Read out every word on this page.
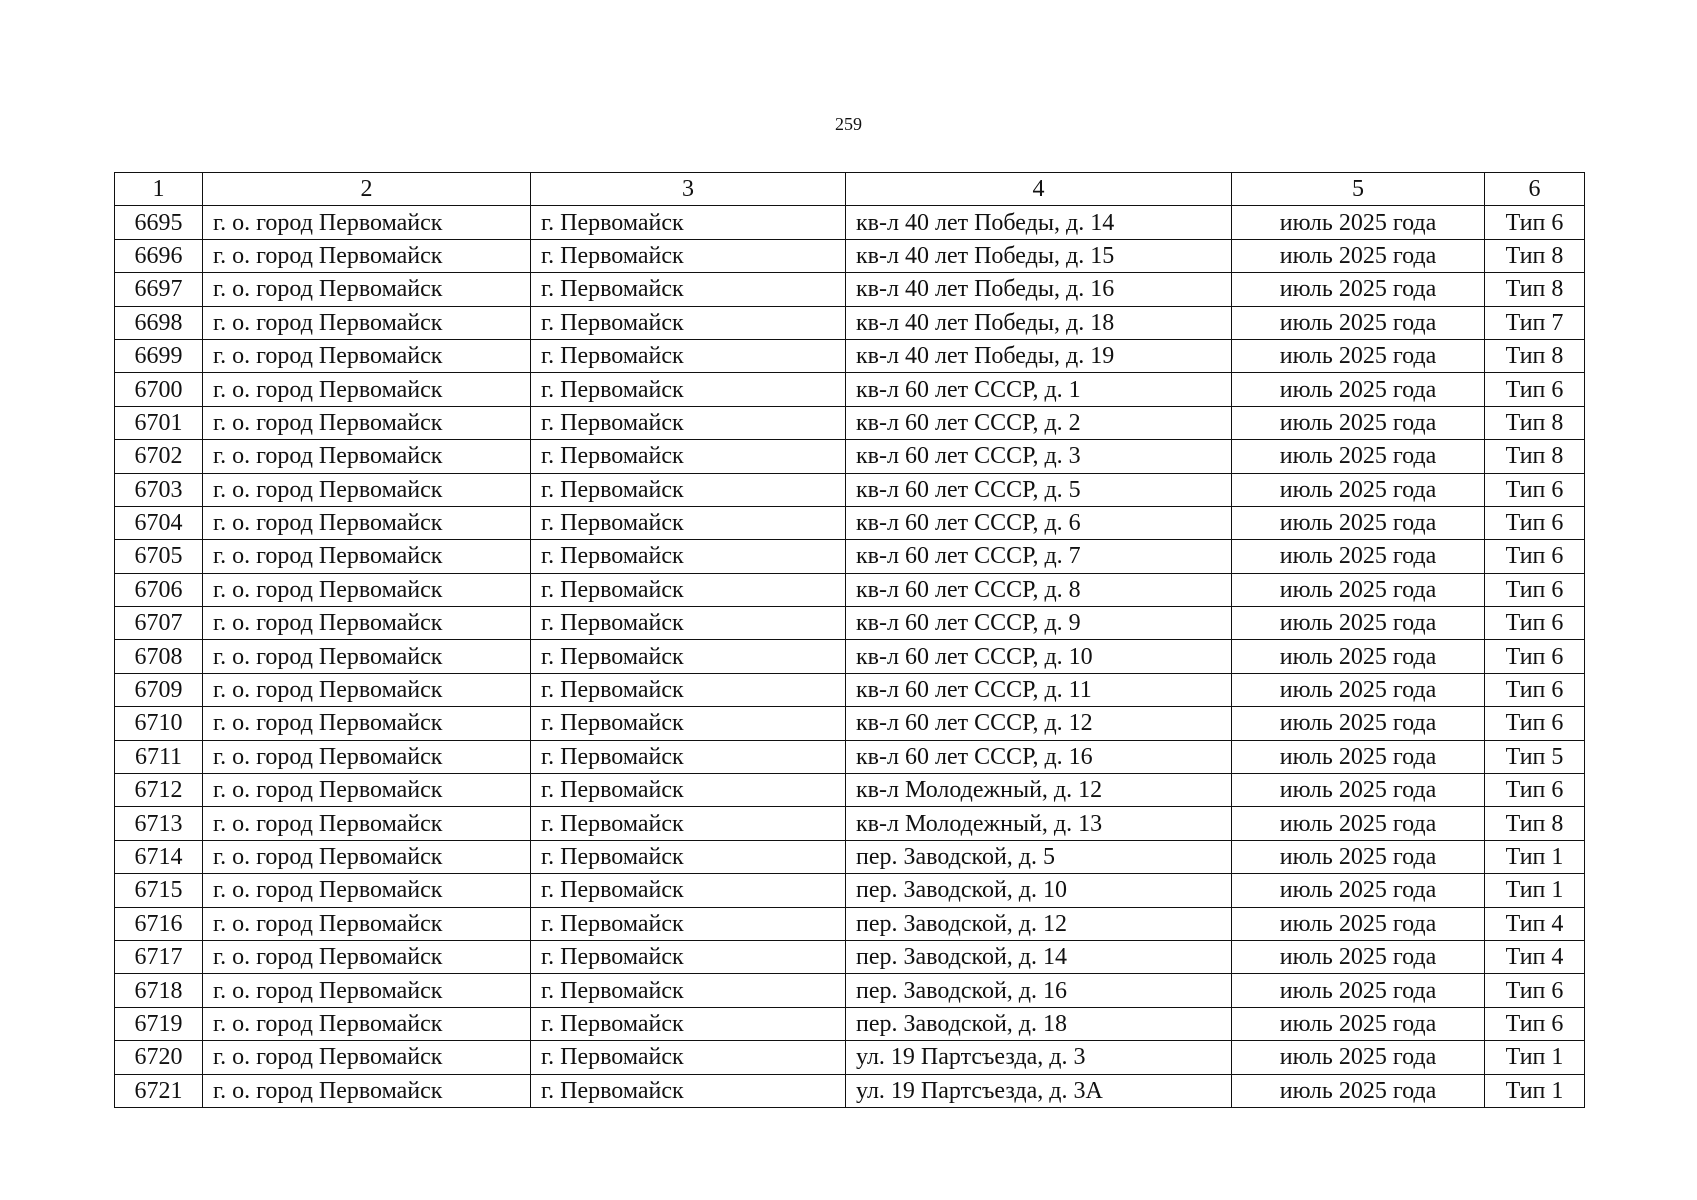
259
1	2	3	4	5	6
6695	г. о. город Первомайск	г. Первомайск	кв-л 40 лет Победы, д. 14	июль 2025 года	Тип 6
6696	г. о. город Первомайск	г. Первомайск	кв-л 40 лет Победы, д. 15	июль 2025 года	Тип 8
6697	г. о. город Первомайск	г. Первомайск	кв-л 40 лет Победы, д. 16	июль 2025 года	Тип 8
6698	г. о. город Первомайск	г. Первомайск	кв-л 40 лет Победы, д. 18	июль 2025 года	Тип 7
6699	г. о. город Первомайск	г. Первомайск	кв-л 40 лет Победы, д. 19	июль 2025 года	Тип 8
6700	г. о. город Первомайск	г. Первомайск	кв-л 60 лет СССР, д. 1	июль 2025 года	Тип 6
6701	г. о. город Первомайск	г. Первомайск	кв-л 60 лет СССР, д. 2	июль 2025 года	Тип 8
6702	г. о. город Первомайск	г. Первомайск	кв-л 60 лет СССР, д. 3	июль 2025 года	Тип 8
6703	г. о. город Первомайск	г. Первомайск	кв-л 60 лет СССР, д. 5	июль 2025 года	Тип 6
6704	г. о. город Первомайск	г. Первомайск	кв-л 60 лет СССР, д. 6	июль 2025 года	Тип 6
6705	г. о. город Первомайск	г. Первомайск	кв-л 60 лет СССР, д. 7	июль 2025 года	Тип 6
6706	г. о. город Первомайск	г. Первомайск	кв-л 60 лет СССР, д. 8	июль 2025 года	Тип 6
6707	г. о. город Первомайск	г. Первомайск	кв-л 60 лет СССР, д. 9	июль 2025 года	Тип 6
6708	г. о. город Первомайск	г. Первомайск	кв-л 60 лет СССР, д. 10	июль 2025 года	Тип 6
6709	г. о. город Первомайск	г. Первомайск	кв-л 60 лет СССР, д. 11	июль 2025 года	Тип 6
6710	г. о. город Первомайск	г. Первомайск	кв-л 60 лет СССР, д. 12	июль 2025 года	Тип 6
6711	г. о. город Первомайск	г. Первомайск	кв-л 60 лет СССР, д. 16	июль 2025 года	Тип 5
6712	г. о. город Первомайск	г. Первомайск	кв-л Молодежный, д. 12	июль 2025 года	Тип 6
6713	г. о. город Первомайск	г. Первомайск	кв-л Молодежный, д. 13	июль 2025 года	Тип 8
6714	г. о. город Первомайск	г. Первомайск	пер. Заводской, д. 5	июль 2025 года	Тип 1
6715	г. о. город Первомайск	г. Первомайск	пер. Заводской, д. 10	июль 2025 года	Тип 1
6716	г. о. город Первомайск	г. Первомайск	пер. Заводской, д. 12	июль 2025 года	Тип 4
6717	г. о. город Первомайск	г. Первомайск	пер. Заводской, д. 14	июль 2025 года	Тип 4
6718	г. о. город Первомайск	г. Первомайск	пер. Заводской, д. 16	июль 2025 года	Тип 6
6719	г. о. город Первомайск	г. Первомайск	пер. Заводской, д. 18	июль 2025 года	Тип 6
6720	г. о. город Первомайск	г. Первомайск	ул. 19 Партсъезда, д. 3	июль 2025 года	Тип 1
6721	г. о. город Первомайск	г. Первомайск	ул. 19 Партсъезда, д. 3А	июль 2025 года	Тип 1
